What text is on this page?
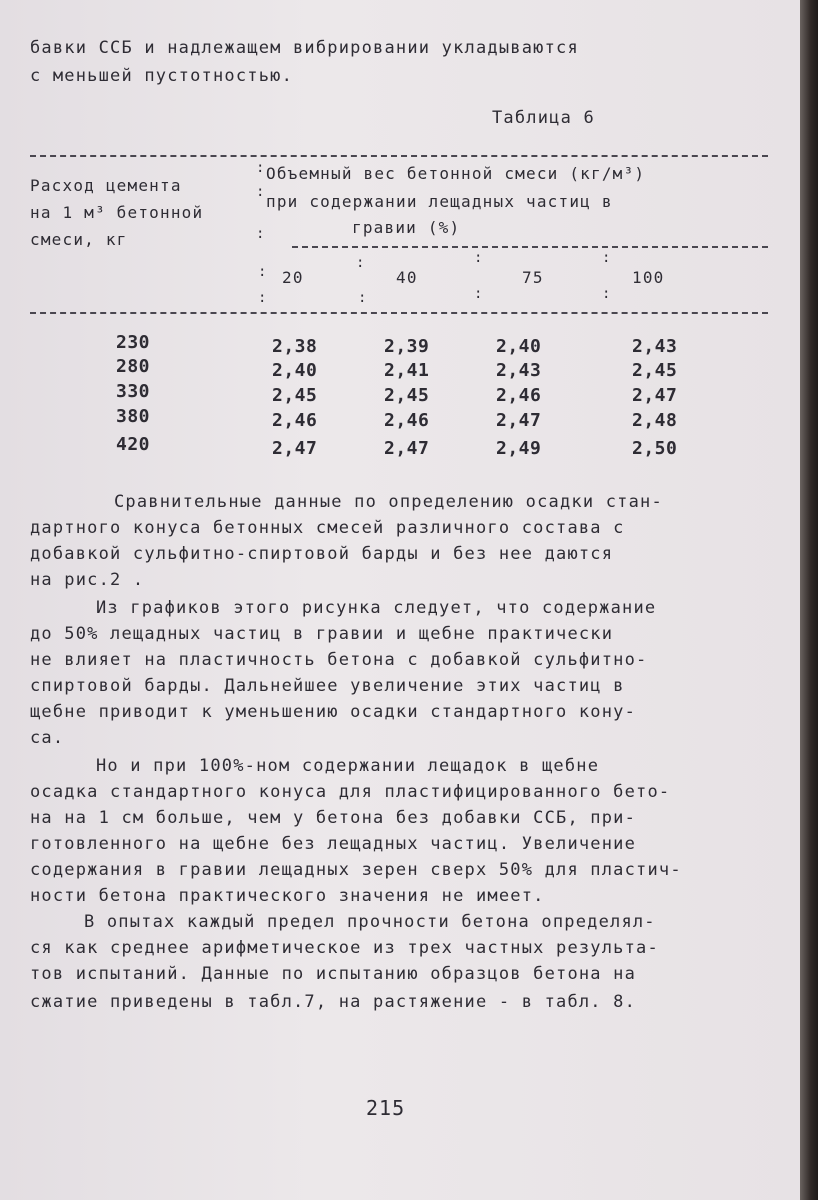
бавки ССБ и надлежащем вибрировании укладываются
с меньшей пустотностью.
Таблица 6
Расход цемента
на 1 м³ бетонной
смеси, кг
:
:
:
Объемный вес бетонной смеси (кг/м³)
при содержании лещадных частиц в
гравии (%)
:
:	:	:
:	:	:	:
20	40	75	100
230	2,38	2,39	2,40	2,43
280	2,40	2,41	2,43	2,45
330	2,45	2,45	2,46	2,47
380	2,46	2,46	2,47	2,48
420	2,47	2,47	2,49	2,50
Сравнительные данные по определению осадки стан-
дартного конуса бетонных смесей различного состава с
добавкой сульфитно-спиртовой барды и без нее даются
на рис.2 .
Из графиков этого рисунка следует, что содержание
до 50% лещадных частиц в гравии и щебне практически
не влияет на пластичность бетона с добавкой сульфитно-
спиртовой барды. Дальнейшее увеличение этих частиц в
щебне приводит к уменьшению осадки стандартного кону-
са.
Но и при 100%-ном содержании лещадок в щебне
осадка стандартного конуса для пластифицированного бето-
на на 1 см больше, чем у бетона без добавки ССБ, при-
готовленного на щебне без лещадных частиц. Увеличение
содержания в гравии лещадных зерен сверх 50% для пластич-
ности бетона практического значения не имеет.
В опытах каждый предел прочности бетона определял-
ся как среднее арифметическое из трех частных результа-
тов испытаний. Данные по испытанию образцов бетона на
сжатие приведены в табл.7, на растяжение - в табл. 8.
215
